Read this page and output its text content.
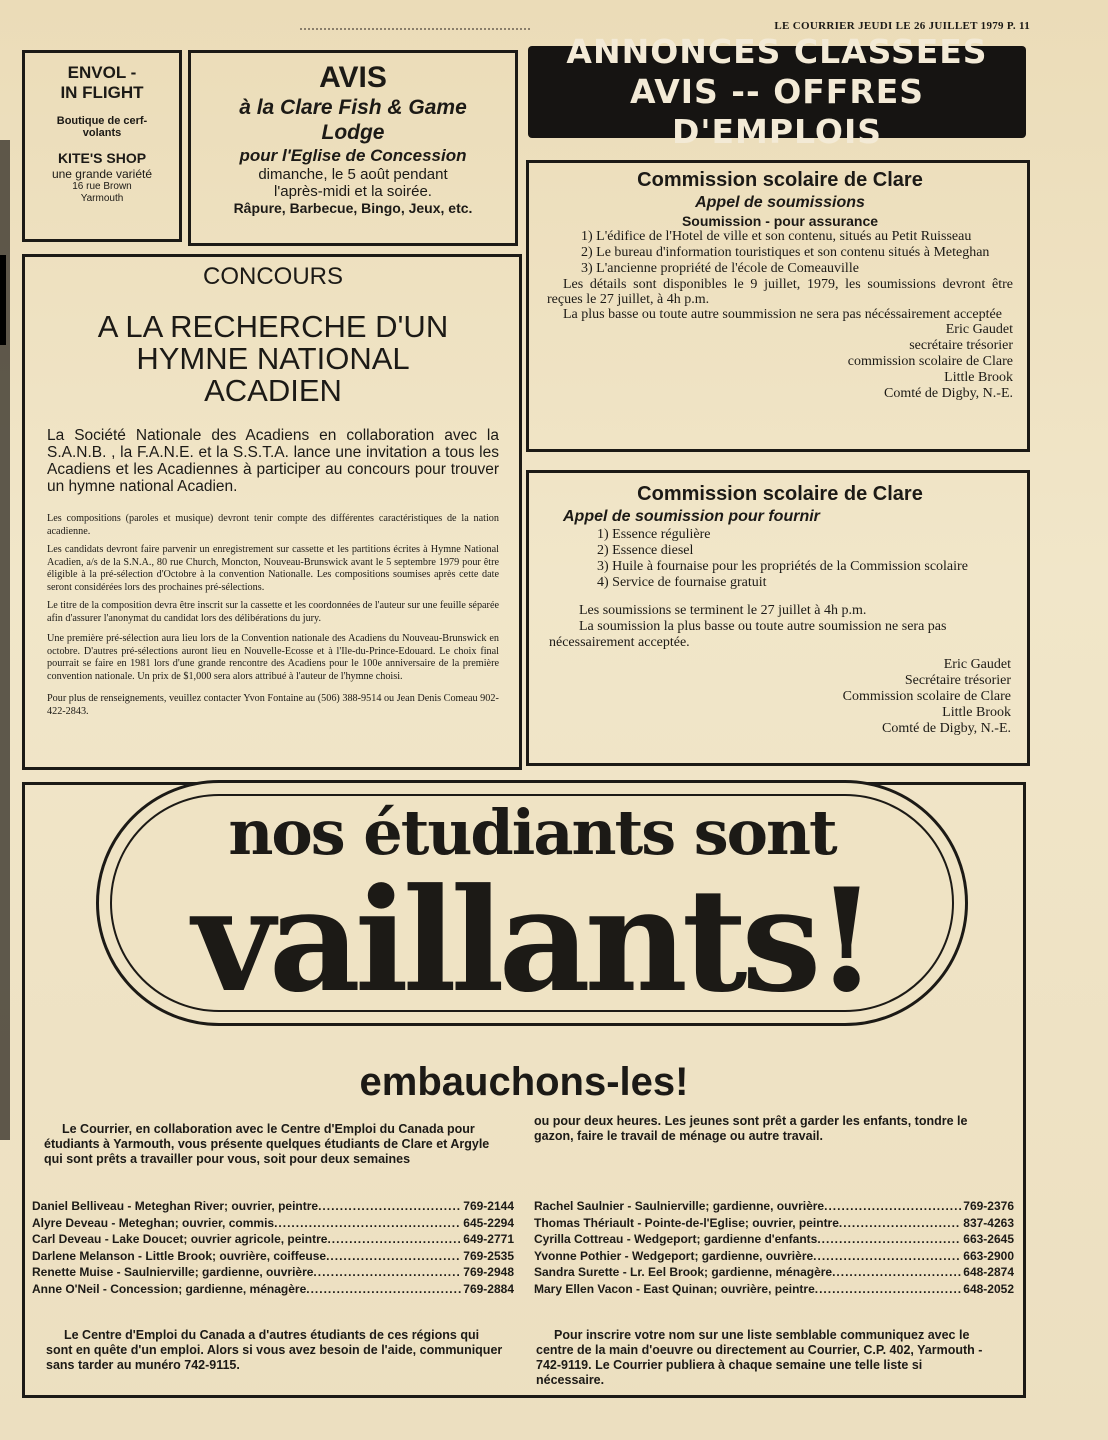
LE COURRIER JEUDI LE 26 JUILLET 1979 P. 11
ENVOL -
IN FLIGHT
Boutique de cerf-
volants
KITE'S SHOP
une grande variété
16 rue Brown
Yarmouth
AVIS
à la Clare Fish & Game
Lodge
pour l'Eglise de Concession
dimanche, le 5 août pendant
l'après-midi et la soirée.
Râpure, Barbecue, Bingo, Jeux, etc.
ANNONCES CLASSEES
AVIS -- OFFRES D'EMPLOIS
CONCOURS
A LA RECHERCHE D'UN
HYMNE NATIONAL
ACADIEN

La Société Nationale des Acadiens en collaboration avec la S.A.N.B. , la F.A.N.E. et la S.S.T.A. lance une invitation a tous les Acadiens et les Acadiennes à participer au concours pour trouver un hymne national Acadien.

Les compositions (paroles et musique) devront tenir compte des différentes caractéristiques de la nation acadienne.

Les candidats devront faire parvenir un enregistrement sur cassette et les partitions écrites à Hymne National Acadien, a/s de la S.N.A., 80 rue Church, Moncton, Nouveau-Brunswick avant le 5 septembre 1979 pour être éligible à la pré-sélection d'Octobre à la convention Nationalle. Les compositions soumises après cette date seront considérées lors des prochaines pré-sélections.

Le titre de la composition devra être inscrit sur la cassette et les coordonnées de l'auteur sur une feuille séparée afin d'assurer l'anonymat du candidat lors des délibérations du jury.

Une première pré-sélection aura lieu lors de la Convention nationale des Acadiens du Nouveau-Brunswick en octobre. D'autres pré-sélections auront lieu en Nouvelle-Ecosse et à l'Ile-du-Prince-Edouard. Le choix final pourrait se faire en 1981 lors d'une grande rencontre des Acadiens pour le 100e anniversaire de la première convention nationale. Un prix de $1,000 sera alors attribué à l'auteur de l'hymne choisi.

Pour plus de renseignements, veuillez contacter Yvon Fontaine au (506) 388-9514 ou Jean Denis Comeau 902-422-2843.

Commission scolaire de Clare
Appel de soumissions
Soumission - pour assurance
1) L'édifice de l'Hotel de ville et son contenu, situés au Petit Ruisseau
2) Le bureau d'information touristiques et son contenu situés à Meteghan
3) L'ancienne propriété de l'école de Comeauville

Les détails sont disponibles le 9 juillet, 1979, les soumissions devront être reçues le 27 juillet, à 4h p.m.

La plus basse ou toute autre soummission ne sera pas nécéssairement acceptée

Eric Gaudet
secrétaire trésorier
commission scolaire de Clare
Little Brook
Comté de Digby, N.-E.
Commission scolaire de Clare
Appel de soumission pour fournir
1) Essence régulière
2) Essence diesel
3) Huile à fournaise pour les propriétés de la Commission scolaire
4) Service de fournaise gratuit

Les soumissions se terminent le 27 juillet à 4h p.m.

La soumission la plus basse ou toute autre soumission ne sera pas nécessairement acceptée.

Eric Gaudet
Secrétaire trésorier
Commission scolaire de Clare
Little Brook
Comté de Digby, N.-E.
nos étudiants sont
vaillants!
embauchons-les!

Le Courrier, en collaboration avec le Centre d'Emploi du Canada pour étudiants à Yarmouth, vous présente quelques étudiants de Clare et Argyle qui sont prêts a travailler pour vous, soit pour deux semaines

ou pour deux heures. Les jeunes sont prêt a garder les enfants, tondre le gazon, faire le travail de ménage ou autre travail.

Daniel Belliveau - Meteghan River; ouvrier, peintre .....	769-2144
Alyre Deveau - Meteghan; ouvrier, commis .....	645-2294
Carl Deveau - Lake Doucet; ouvrier agricole, peintre .....	649-2771
Darlene Melanson - Little Brook; ouvrière, coiffeuse .....	769-2535
Renette Muise - Saulnierville; gardienne, ouvrière .....	769-2948
Anne O'Neil - Concession; gardienne, ménagère .....	769-2884
Rachel Saulnier - Saulnierville; gardienne, ouvrière .....	769-2376
Thomas Thériault - Pointe-de-l'Eglise; ouvrier, peintre .....	837-4263
Cyrilla Cottreau - Wedgeport; gardienne d'enfants .....	663-2645
Yvonne Pothier - Wedgeport; gardienne, ouvrière .....	663-2900
Sandra Surette - Lr. Eel Brook; gardienne, ménagère .....	648-2874
Mary Ellen Vacon - East Quinan; ouvrière, peintre .....	648-2052

Le Centre d'Emploi du Canada a d'autres étudiants de ces régions qui sont en quête d'un emploi. Alors si vous avez besoin de l'aide, communiquer sans tarder au munéro 742-9115.

Pour inscrire votre nom sur une liste semblable communiquez avec le centre de la main d'oeuvre ou directement au Courrier, C.P. 402, Yarmouth - 742-9119. Le Courrier publiera à chaque semaine une telle liste si nécessaire.
